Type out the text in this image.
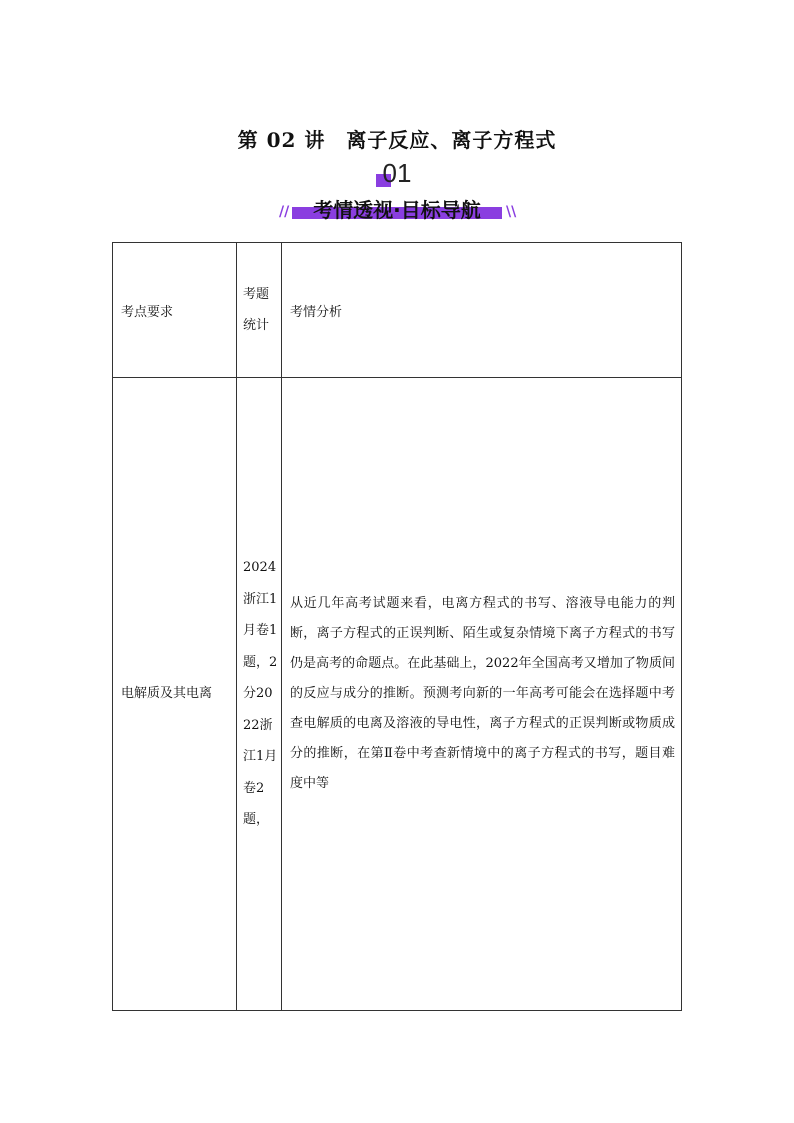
第 02 讲　离子反应、离子方程式
01
//	考情透视·目标导航	\\
考点要求	考题统计	考情分析

电解质及其电离	2024浙江1月卷1题，2分2022浙江1月卷2题，	从近几年高考试题来看，电离方程式的书写、溶液导电能力的判断，离子方程式的正误判断、陌生或复杂情境下离子方程式的书写仍是高考的命题点。在此基础上，2022年全国高考又增加了物质间的反应与成分的推断。预测考向新的一年高考可能会在选择题中考查电解质的电离及溶液的导电性，离子方程式的正误判断或物质成分的推断，在第Ⅱ卷中考查新情境中的离子方程式的书写，题目难度中等
